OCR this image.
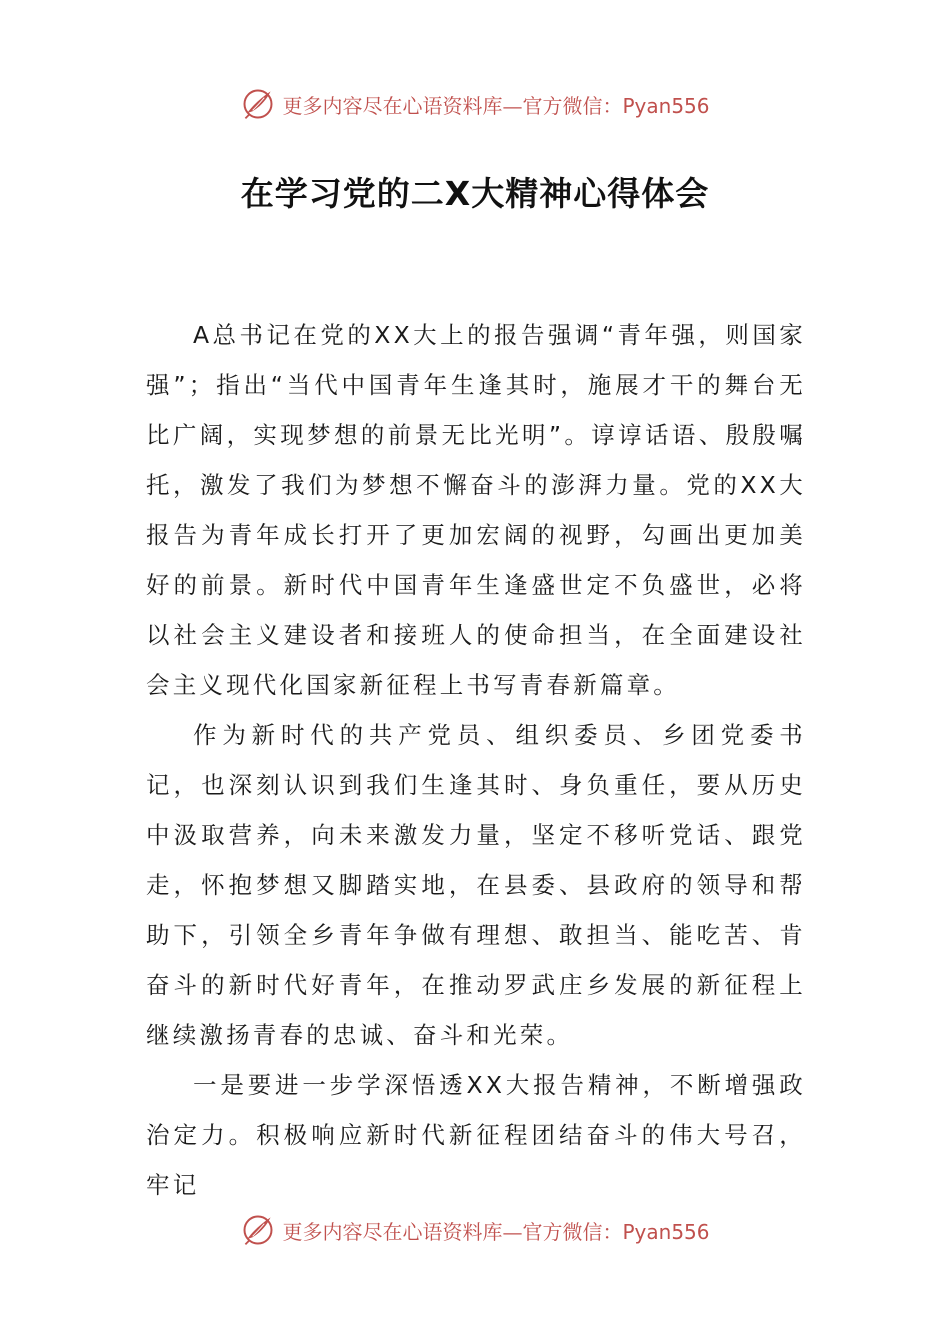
更多内容尽在心语资料库—官方微信：Pyan556
在学习党的二X大精神心得体会

A总书记在党的XX大上的报告强调“青年强，则国家强”；指出“当代中国青年生逢其时，施展才干的舞台无比广阔，实现梦想的前景无比光明”。谆谆话语、殷殷嘱托，激发了我们为梦想不懈奋斗的澎湃力量。党的XX大报告为青年成长打开了更加宏阔的视野，勾画出更加美好的前景。新时代中国青年生逢盛世定不负盛世，必将以社会主义建设者和接班人的使命担当，在全面建设社会主义现代化国家新征程上书写青春新篇章。

作为新时代的共产党员、组织委员、乡团党委书记，也深刻认识到我们生逢其时、身负重任，要从历史中汲取营养，向未来激发力量，坚定不移听党话、跟党走，怀抱梦想又脚踏实地，在县委、县政府的领导和帮助下，引领全乡青年争做有理想、敢担当、能吃苦、肯奋斗的新时代好青年，在推动罗武庄乡发展的新征程上继续激扬青春的忠诚、奋斗和光荣。

一是要进一步学深悟透XX大报告精神，不断增强政治定力。积极响应新时代新征程团结奋斗的伟大号召，牢记

更多内容尽在心语资料库—官方微信：Pyan556
